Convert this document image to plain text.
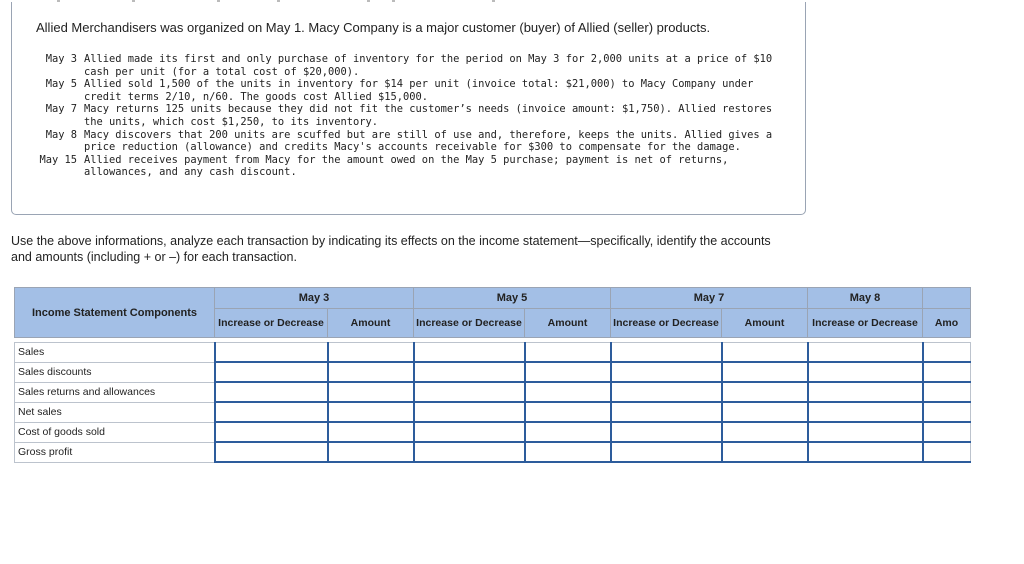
Allied Merchandisers was organized on May 1. Macy Company is a major customer (buyer) of Allied (seller) products.
May 3 Allied made its first and only purchase of inventory for the period on May 3 for 2,000 units at a price of $10 cash per unit (for a total cost of $20,000).
May 5 Allied sold 1,500 of the units in inventory for $14 per unit (invoice total: $21,000) to Macy Company under credit terms 2/10, n/60. The goods cost Allied $15,000.
May 7 Macy returns 125 units because they did not fit the customer’s needs (invoice amount: $1,750). Allied restores the units, which cost $1,250, to its inventory.
May 8 Macy discovers that 200 units are scuffed but are still of use and, therefore, keeps the units. Allied gives a price reduction (allowance) and credits Macy's accounts receivable for $300 to compensate for the damage.
May 15 Allied receives payment from Macy for the amount owed on the May 5 purchase; payment is net of returns, allowances, and any cash discount.
Use the above informations, analyze each transaction by indicating its effects on the income statement—specifically, identify the accounts and amounts (including + or –) for each transaction.
Income Statement Components	May 3		May 5		May 7		May 8	
	Increase or Decrease	Amount	Increase or Decrease	Amount	Increase or Decrease	Amount	Increase or Decrease	Amo

Sales								
Sales discounts								
Sales returns and allowances								
Net sales								
Cost of goods sold								
Gross profit								
